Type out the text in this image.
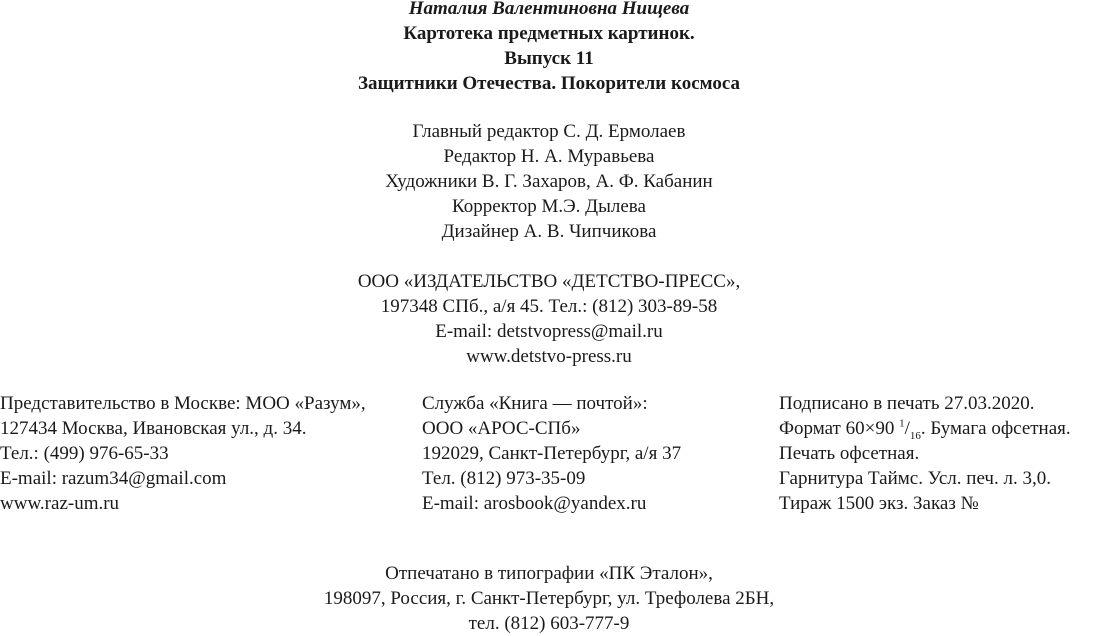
Наталия Валентиновна Нищева
Картотека предметных картинок.
Выпуск 11
Защитники Отечества. Покорители космоса
Главный редактор С. Д. Ермолаев
Редактор Н. А. Муравьева
Художники В. Г. Захаров, А. Ф. Кабанин
Корректор М.Э. Дылева
Дизайнер А. В. Чипчикова
ООО «ИЗДАТЕЛЬСТВО «ДЕТСТВО-ПРЕСС»,
197348 СПб., а/я 45. Тел.: (812) 303-89-58
E-mail: detstvopress@mail.ru
www.detstvo-press.ru
Представительство в Москве: МОО «Разум»,
127434 Москва, Ивановская ул., д. 34.
Тел.: (499) 976-65-33
E-mail: razum34@gmail.com
www.raz-um.ru
Служба «Книга — почтой»:
ООО «АРОС-СПб»
192029, Санкт-Петербург, а/я 37
Тел. (812) 973-35-09
E-mail: arosbook@yandex.ru
Подписано в печать 27.03.2020.
Формат 60×90 $^1/_{16}$. Бумага офсетная.
Печать офсетная.
Гарнитура Таймс. Усл. печ. л. 3,0.
Тираж 1500 экз. Заказ №
Отпечатано в типографии «ПК Эталон»,
198097, Россия, г. Санкт-Петербург, ул. Трефолева 2БН,
тел. (812) 603-777-9
